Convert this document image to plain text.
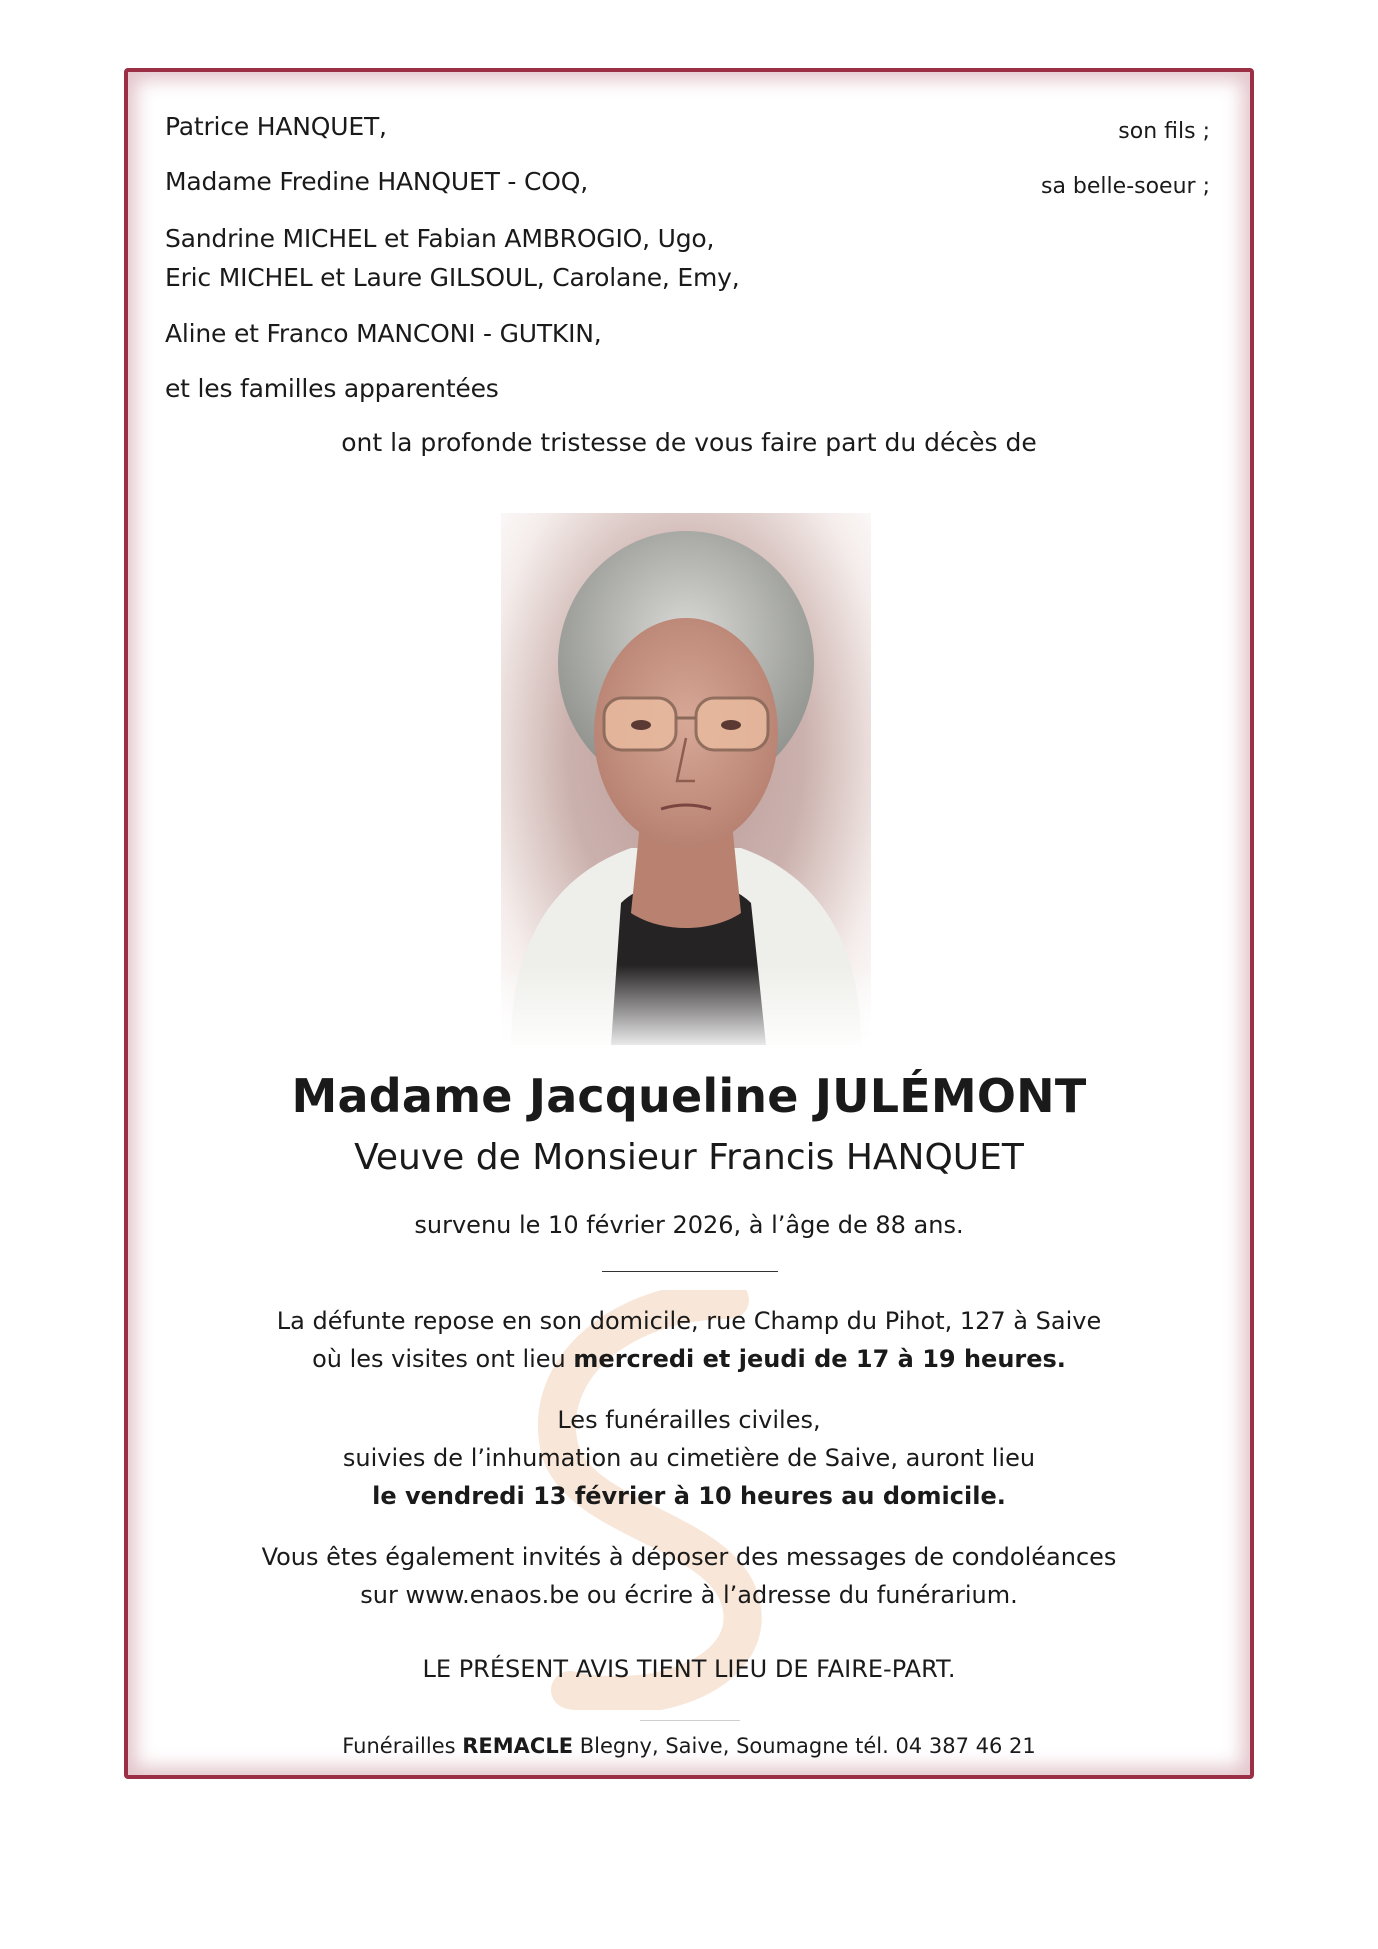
Patrice HANQUET,	son fils ;
Madame Fredine HANQUET - COQ,	sa belle-soeur ;
Sandrine MICHEL et Fabian AMBROGIO, Ugo,
Eric MICHEL et Laure GILSOUL, Carolane, Emy,
Aline et Franco MANCONI - GUTKIN,
et les familles apparentées
ont la profonde tristesse de vous faire part du décès de
Madame Jacqueline JULÉMONT
Veuve de Monsieur Francis HANQUET
survenu le 10 février 2026, à l’âge de 88 ans.
La défunte repose en son domicile, rue Champ du Pihot, 127 à Saive
où les visites ont lieu mercredi et jeudi de 17 à 19 heures.
Les funérailles civiles,
suivies de l’inhumation au cimetière de Saive, auront lieu
le vendredi 13 février à 10 heures au domicile.
Vous êtes également invités à déposer des messages de condoléances
sur www.enaos.be ou écrire à l’adresse du funérarium.
LE PRÉSENT AVIS TIENT LIEU DE FAIRE-PART.
Funérailles REMACLE Blegny, Saive, Soumagne tél. 04 387 46 21
